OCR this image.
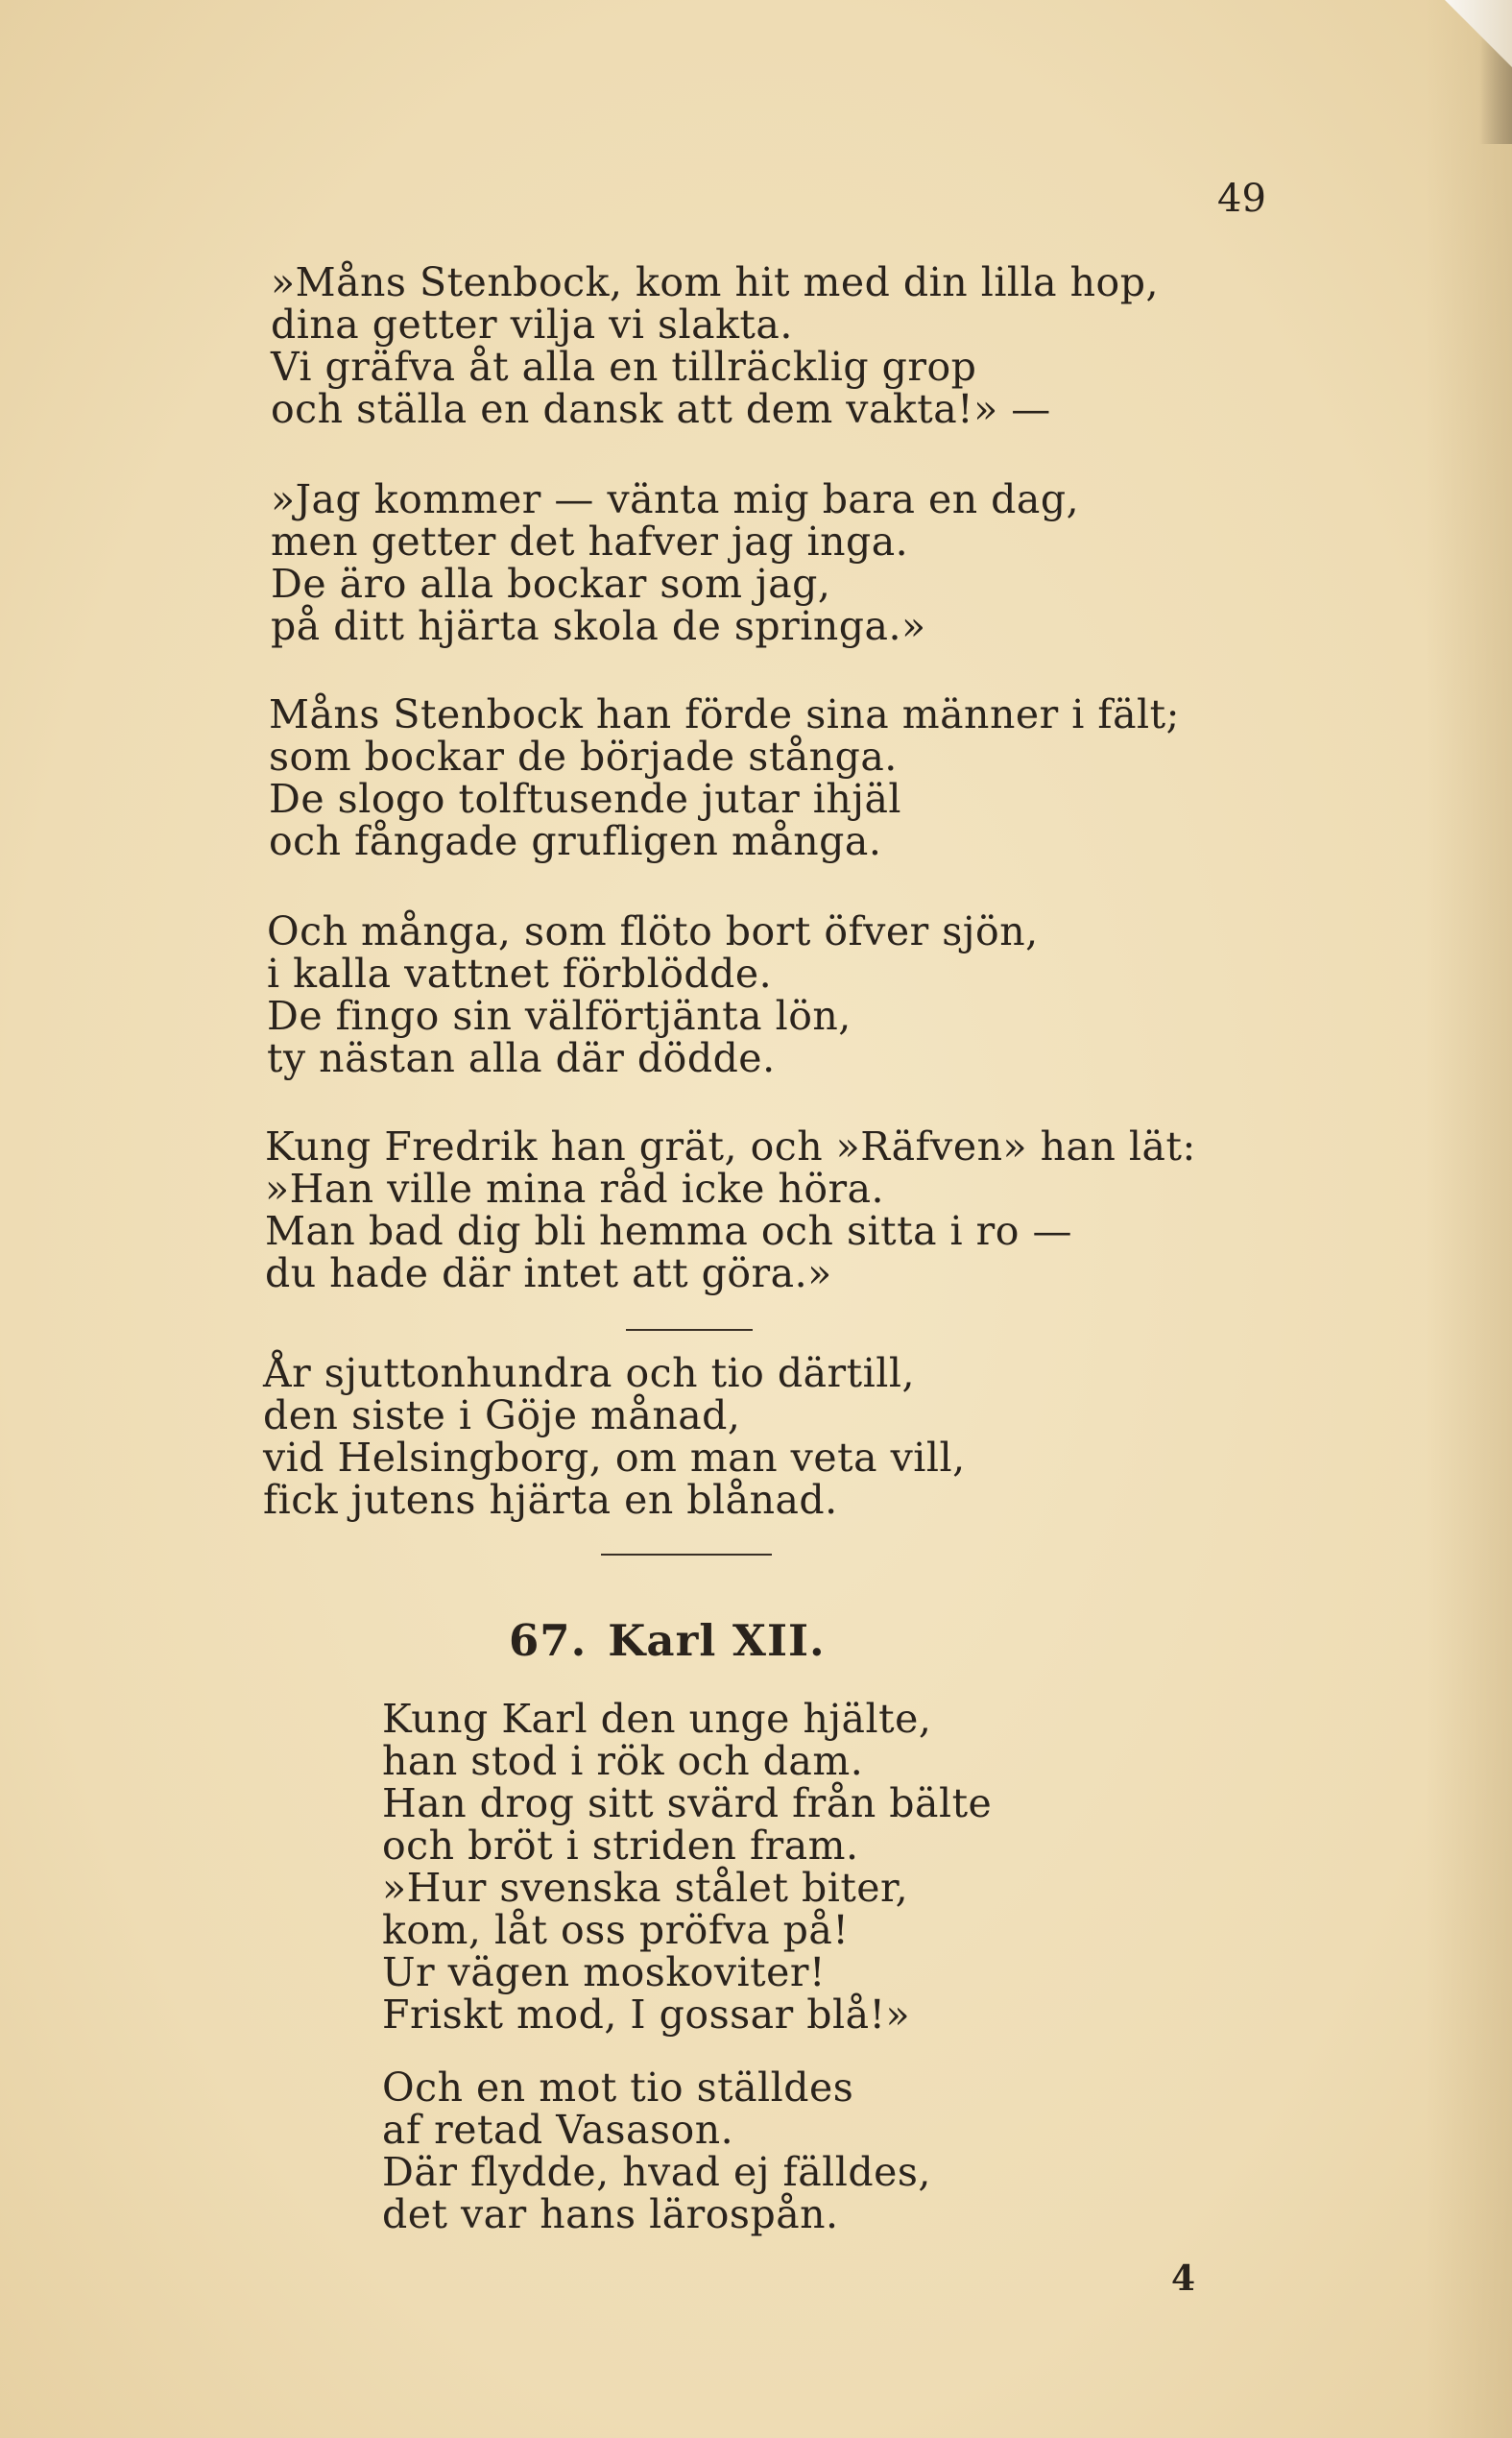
49
»Måns Stenbock, kom hit med din lilla hop,
dina getter vilja vi slakta.
Vi gräfva åt alla en tillräcklig grop
och ställa en dansk att dem vakta!» —
»Jag kommer — vänta mig bara en dag,
men getter det hafver jag inga.
De äro alla bockar som jag,
på ditt hjärta skola de springa.»
Måns Stenbock han förde sina männer i fält;
som bockar de började stånga.
De slogo tolftusende jutar ihjäl
och fångade grufligen många.
Och många, som flöto bort öfver sjön,
i kalla vattnet förblödde.
De fingo sin välförtjänta lön,
ty nästan alla där dödde.
Kung Fredrik han grät, och »Räfven» han lät:
»Han ville mina råd icke höra.
Man bad dig bli hemma och sitta i ro —
du hade där intet att göra.»
År sjuttonhundra och tio därtill,
den siste i Göje månad,
vid Helsingborg, om man veta vill,
fick jutens hjärta en blånad.
67. Karl XII.
Kung Karl den unge hjälte,
han stod i rök och dam.
Han drog sitt svärd från bälte
och bröt i striden fram.
»Hur svenska stålet biter,
kom, låt oss pröfva på!
Ur vägen moskoviter!
Friskt mod, I gossar blå!»
Och en mot tio ställdes
af retad Vasason.
Där flydde, hvad ej fälldes,
det var hans lärospån.
4
